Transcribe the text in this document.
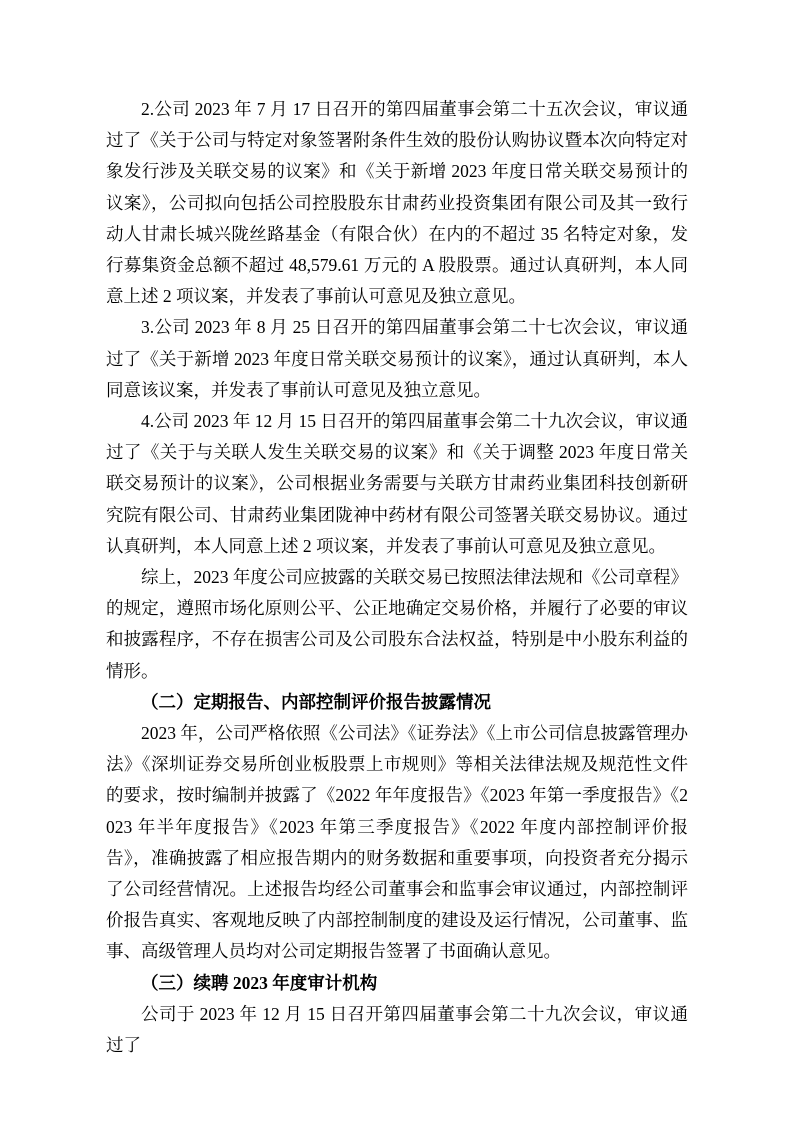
2.公司 2023 年 7 月 17 日召开的第四届董事会第二十五次会议，审议通过了《关于公司与特定对象签署附条件生效的股份认购协议暨本次向特定对象发行涉及关联交易的议案》和《关于新增 2023 年度日常关联交易预计的议案》，公司拟向包括公司控股股东甘肃药业投资集团有限公司及其一致行动人甘肃长城兴陇丝路基金（有限合伙）在内的不超过 35 名特定对象，发行募集资金总额不超过 48,579.61 万元的 A 股股票。通过认真研判，本人同意上述 2 项议案，并发表了事前认可意见及独立意见。

3.公司 2023 年 8 月 25 日召开的第四届董事会第二十七次会议，审议通过了《关于新增 2023 年度日常关联交易预计的议案》，通过认真研判，本人同意该议案，并发表了事前认可意见及独立意见。

4.公司 2023 年 12 月 15 日召开的第四届董事会第二十九次会议，审议通过了《关于与关联人发生关联交易的议案》和《关于调整 2023 年度日常关联交易预计的议案》，公司根据业务需要与关联方甘肃药业集团科技创新研究院有限公司、甘肃药业集团陇神中药材有限公司签署关联交易协议。通过认真研判，本人同意上述 2 项议案，并发表了事前认可意见及独立意见。

综上，2023 年度公司应披露的关联交易已按照法律法规和《公司章程》的规定，遵照市场化原则公平、公正地确定交易价格，并履行了必要的审议和披露程序，不存在损害公司及公司股东合法权益，特别是中小股东利益的情形。

（二）定期报告、内部控制评价报告披露情况

2023 年，公司严格依照《公司法》《证券法》《上市公司信息披露管理办法》《深圳证券交易所创业板股票上市规则》等相关法律法规及规范性文件的要求，按时编制并披露了《2022 年年度报告》《2023 年第一季度报告》《2023 年半年度报告》《2023 年第三季度报告》《2022 年度内部控制评价报告》，准确披露了相应报告期内的财务数据和重要事项，向投资者充分揭示了公司经营情况。上述报告均经公司董事会和监事会审议通过，内部控制评价报告真实、客观地反映了内部控制制度的建设及运行情况，公司董事、监事、高级管理人员均对公司定期报告签署了书面确认意见。

（三）续聘 2023 年度审计机构

公司于 2023 年 12 月 15 日召开第四届董事会第二十九次会议，审议通过了
